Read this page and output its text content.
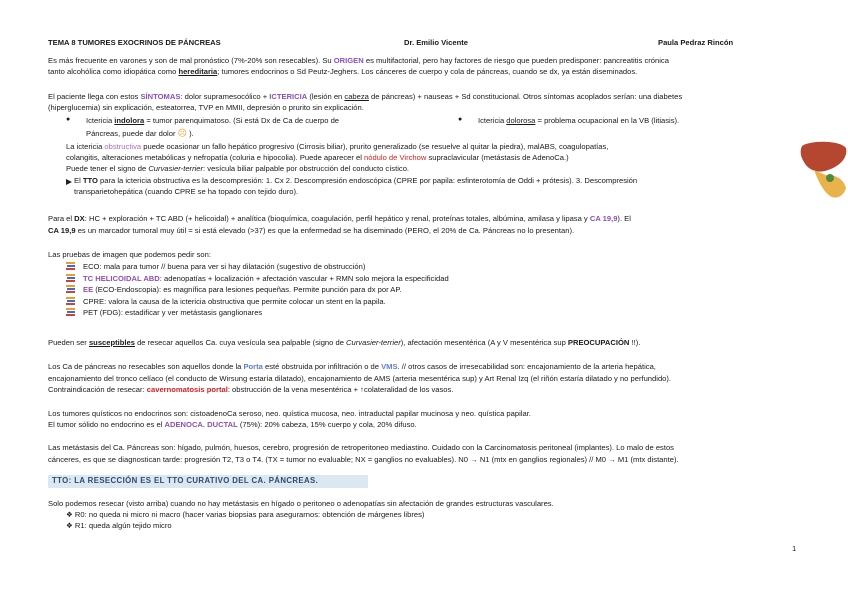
TEMA 8 TUMORES EXOCRINOS DE PÁNCREAS	Dr. Emilio Vicente	Paula Pedraz Rincón
Es más frecuente en varones y son de mal pronóstico (7%-20% son resecables). Su ORIGEN es multifactorial, pero hay factores de riesgo que pueden predisponer: pancreatitis crónica
tanto alcohólica como idiopática como hereditaria; tumores endocrinos o Sd Peutz-Jeghers. Los cánceres de cuerpo y cola de páncreas, cuando se dx, ya están diseminados.
El paciente llega con estos SÍNTOMAS: dolor supramesocólico + ICTERICIA (lesión en cabeza de páncreas) + nauseas + Sd constitucional. Otros síntomas acoplados serían: una diabetes
(hiperglucemia) sin explicación, esteatorrea, TVP en MMII, depresión o prurito sin explicación.
● Ictericia indolora = tumor parenquimatoso. (Si está Dx de Ca de cuerpo de
Páncreas, puede dar dolor ☹ ).
● Ictericia dolorosa = problema ocupacional en la VB (litiasis).
La ictericia obstructiva puede ocasionar un fallo hepático progresivo (Cirrosis biliar), prurito generalizado (se resuelve al quitar la piedra), malABS, coagulopatías,
colangitis, alteraciones metabólicas y nefropatía (coluria e hipocolia). Puede aparecer el nódulo de Virchow supraclavicular (metástasis de AdenoCa.)
Puede tener el signo de Curvasier-terrier: vesícula biliar palpable por obstrucción del conducto cístico.
El TTO para la ictericia obstructiva es la descompresión: 1. Cx 2. Descompresión endoscópica (CPRE por papila: esfinterotomía de Oddi + prótesis). 3. Descompresión
transparietohepática (cuando CPRE se ha topado con tejido duro).
Para el DX: HC + exploración + TC ABD (+ helicoidal) + analítica (bioquímica, coagulación, perfil hepático y renal, proteínas totales, albúmina, amilasa y lipasa y CA 19,9). El
CA 19,9 es un marcador tumoral muy útil = si está elevado (>37) es que la enfermedad se ha diseminado (PERO, el 20% de Ca. Páncreas no lo presentan).
Las pruebas de imagen que podemos pedir son:
ECO: mala para tumor // buena para ver si hay dilatación (sugestivo de obstrucción)
TC HELICOIDAL ABD: adenopatías + localización + afectación vascular + RMN solo mejora la especificidad
EE (ECO-Endoscopia): es magnífica para lesiones pequeñas. Permite punción para dx por AP.
CPRE: valora la causa de la ictericia obstructiva que permite colocar un stent en la papila.
PET (FDG): estadificar y ver metástasis ganglionares
Pueden ser susceptibles de resecar aquellos Ca. cuya vesícula sea palpable (signo de Curvasier-terrier), afectación mesentérica (A y V mesentérica sup PREOCUPACIÓN !!).
Los Ca de páncreas no resecables son aquellos donde la Porta esté obstruida por infiltración o de VMS. // otros casos de irresecabilidad son: encajonamiento de la arteria hepática,
encajonamiento del tronco celíaco (el conducto de Wirsung estaría dilatado), encajonamiento de AMS (arteria mesentérica sup) y Art Renal Izq (el riñón estaría dilatado y no perfundido).
Contraindicación de resecar: cavernomatosis portal: obstrucción de la vena mesentérica + ↑colateralidad de los vasos.
Los tumores quísticos no endocrinos son: cistoadenoCa seroso, neo. quística mucosa, neo. intraductal papilar mucinosa y neo. quística papilar.
El tumor sólido no endocrino es el ADENOCA. DUCTAL (75%): 20% cabeza, 15% cuerpo y cola, 20% difuso.
Las metástasis del Ca. Páncreas son: hígado, pulmón, huesos, cerebro, progresión de retroperitoneo mediastino. Cuidado con la Carcinomatosis peritoneal (implantes). Lo malo de estos
cánceres, es que se diagnostican tarde: progresión T2, T3 o T4. (TX = tumor no evaluable; NX = ganglios no evaluables). N0 → N1 (mtx en ganglios regionales) // M0 → M1 (mtx distante).
TTO: LA RESECCIÓN ES EL TTO CURATIVO DEL CA. PÁNCREAS.
Solo podemos resecar (visto arriba) cuando no hay metástasis en hígado o peritoneo o adenopatías sin afectación de grandes estructuras vasculares.
❖ R0: no queda ni micro ni macro (hacer varias biopsias para asegurarnos: obtención de márgenes libres)
❖ R1: queda algún tejido micro
1
